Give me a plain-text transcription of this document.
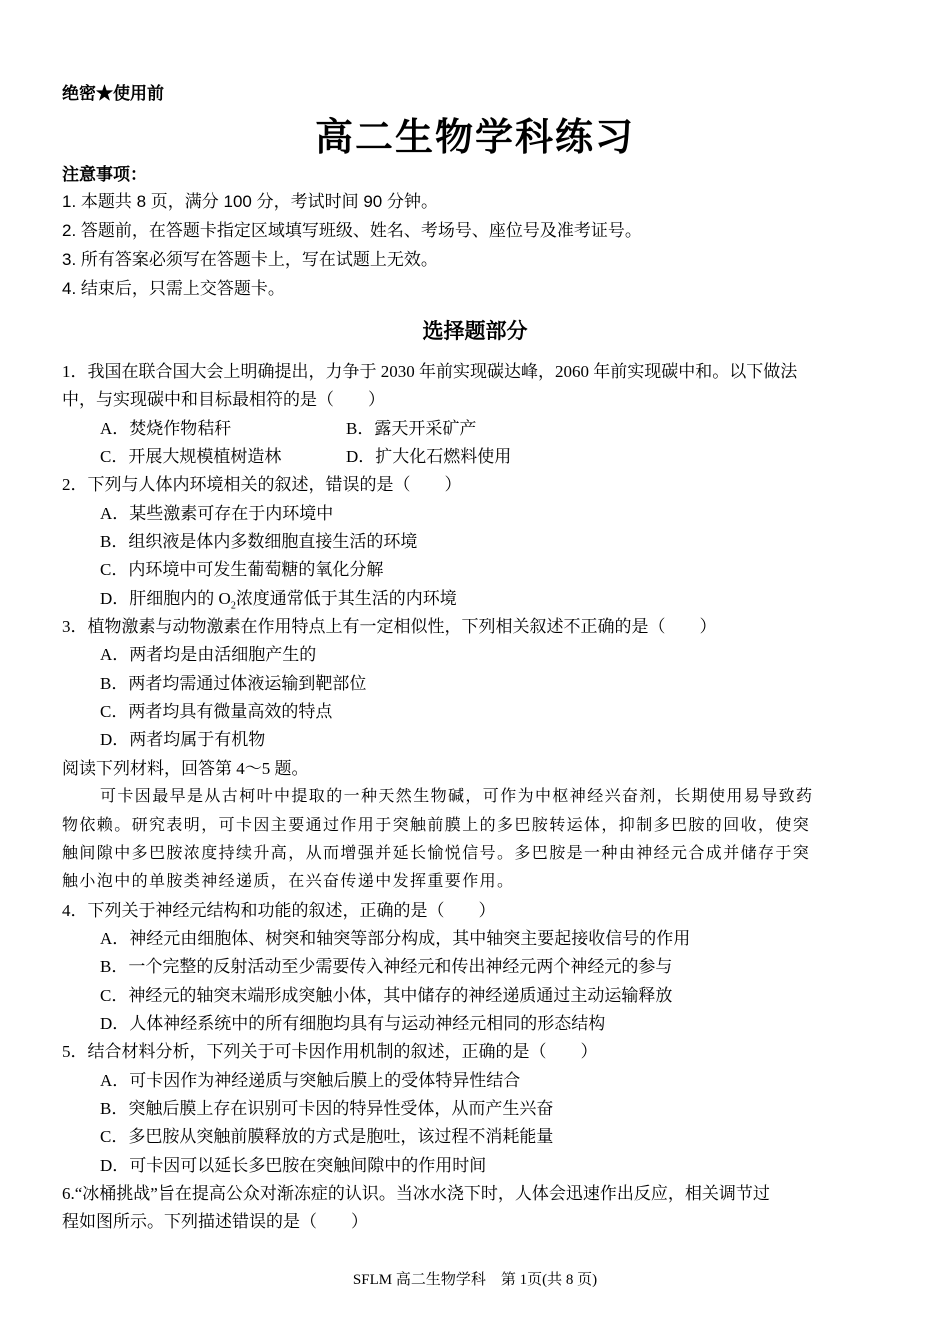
绝密★使用前
高二生物学科练习
注意事项：
1. 本题共 8 页，满分 100 分，考试时间 90 分钟。
2. 答题前，在答题卡指定区域填写班级、姓名、考场号、座位号及准考证号。
3. 所有答案必须写在答题卡上，写在试题上无效。
4. 结束后，只需上交答题卡。
选择题部分
1．我国在联合国大会上明确提出，力争于 2030 年前实现碳达峰，2060 年前实现碳中和。以下做法
中，与实现碳中和目标最相符的是（　　）
A．焚烧作物秸秆	B．露天开采矿产
C．开展大规模植树造林	D．扩大化石燃料使用
2．下列与人体内环境相关的叙述，错误的是（　　）
A．某些激素可存在于内环境中
B．组织液是体内多数细胞直接生活的环境
C．内环境中可发生葡萄糖的氧化分解
D．肝细胞内的 $O_2$浓度通常低于其生活的内环境
3．植物激素与动物激素在作用特点上有一定相似性，下列相关叙述不正确的是（　　）
A．两者均是由活细胞产生的
B．两者均需通过体液运输到靶部位
C．两者均具有微量高效的特点
D．两者均属于有机物
阅读下列材料，回答第 4～5 题。
可卡因最早是从古柯叶中提取的一种天然生物碱，可作为中枢神经兴奋剂，长期使用易导致药
物依赖。研究表明，可卡因主要通过作用于突触前膜上的多巴胺转运体，抑制多巴胺的回收，使突
触间隙中多巴胺浓度持续升高，从而增强并延长愉悦信号。多巴胺是一种由神经元合成并储存于突
触小泡中的单胺类神经递质，在兴奋传递中发挥重要作用。
4．下列关于神经元结构和功能的叙述，正确的是（　　）
A．神经元由细胞体、树突和轴突等部分构成，其中轴突主要起接收信号的作用
B．一个完整的反射活动至少需要传入神经元和传出神经元两个神经元的参与
C．神经元的轴突末端形成突触小体，其中储存的神经递质通过主动运输释放
D．人体神经系统中的所有细胞均具有与运动神经元相同的形态结构
5．结合材料分析，下列关于可卡因作用机制的叙述，正确的是（　　）
A．可卡因作为神经递质与突触后膜上的受体特异性结合
B．突触后膜上存在识别可卡因的特异性受体，从而产生兴奋
C．多巴胺从突触前膜释放的方式是胞吐，该过程不消耗能量
D．可卡因可以延长多巴胺在突触间隙中的作用时间
6.“冰桶挑战”旨在提高公众对渐冻症的认识。当冰水浇下时，人体会迅速作出反应，相关调节过
程如图所示。下列描述错误的是（　　）
SFLM 高二生物学科　第 1页(共 8 页)
